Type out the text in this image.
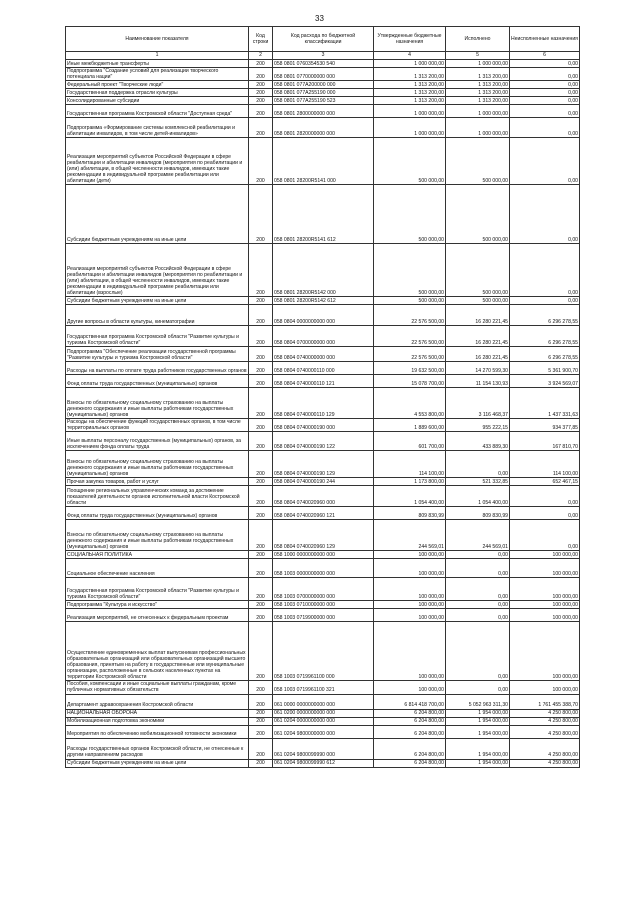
33
Наименование показателя	Код строки	Код расхода по бюджетной классификации	Утвержденные бюджетные назначения	Исполнено	Неисполненные назначения
1	2	3	4	5	6
Иные межбюджетные трансферты	200	058 0801 0760354530 540	1 000 000,00	1 000 000,00	0,00
Подпрограмма "Создание условий для реализации творческого потенциала нации"	200	058 0801 0770000000 000	1 313 200,00	1 313 200,00	0,00
Федеральный проект "Творческие люди"	200	058 0801 077A200000 000	1 313 200,00	1 313 200,00	0,00
Государственная поддержка отрасли культуры	200	058 0801 077A255190 000	1 313 200,00	1 313 200,00	0,00
Консолидированные субсидии	200	058 0801 077A255190 523	1 313 200,00	1 313 200,00	0,00
Государственная программа Костромской области "Доступная среда"	200	058 0801 2800000000 000	1 000 000,00	1 000 000,00	0,00
Подпрограмма «Формирование системы комплексной реабилитации и абилитации инвалидов, в том числе детей-инвалидов»	200	058 0801 2820000000 000	1 000 000,00	1 000 000,00	0,00
Реализация мероприятий субъектов Российской Федерации в сфере реабилитации и абилитации инвалидов (мероприятия по реабилитации и (или) абилитации, в общей численности инвалидов, имеющих такие рекомендации в индивидуальной программе реабилитации или абилитации (дети)	200	058 0801 28200R5141 000	500 000,00	500 000,00	0,00
Субсидии бюджетным учреждениям на иные цели	200	058 0801 28200R5141 612	500 000,00	500 000,00	0,00
Реализация мероприятий субъектов Российской Федерации в сфере реабилитации и абилитации инвалидов (мероприятия по реабилитации и (или) абилитации, в общей численности инвалидов, имеющих такие рекомендации в индивидуальной программе реабилитации или абилитации (взрослые)	200	058 0801 28200R5142 000	500 000,00	500 000,00	0,00
Субсидии бюджетным учреждениям на иные цели	200	058 0801 28200R5142 612	500 000,00	500 000,00	0,00
Другие вопросы в области культуры, кинематографии	200	058 0804 0000000000 000	22 576 500,00	16 280 221,45	6 296 278,55
Государственная программа Костромской области "Развитие культуры и туризма Костромской области"	200	058 0804 0700000000 000	22 576 500,00	16 280 221,45	6 296 278,55
Подпрограмма "Обеспечение реализации государственной программы "Развитие культуры и туризма Костромской области"	200	058 0804 0740000000 000	22 576 500,00	16 280 221,45	6 296 278,55
Расходы на выплаты по оплате труда работников государственных органов	200	058 0804 0740000110 000	19 632 500,00	14 270 599,30	5 361 900,70
Фонд оплаты труда государственных (муниципальных) органов	200	058 0804 0740000110 121	15 078 700,00	11 154 130,93	3 924 569,07
Взносы по обязательному социальному страхованию на выплаты денежного содержания и иные выплаты работникам государственных (муниципальных) органов	200	058 0804 0740000110 129	4 553 800,00	3 116 468,37	1 437 331,63
Расходы на обеспечение функций государственных органов, в том числе территориальных органов	200	058 0804 0740000190 000	1 889 600,00	955 222,15	934 377,85
Иные выплаты персоналу государственных (муниципальных) органов, за исключением фонда оплаты труда	200	058 0804 0740000190 122	601 700,00	433 889,30	167 810,70
Взносы по обязательному социальному страхованию на выплаты денежного содержания и иные выплаты работникам государственных (муниципальных) органов	200	058 0804 0740000190 129	114 100,00	0,00	114 100,00
Прочая закупка товаров, работ и услуг	200	058 0804 0740000190 244	1 173 800,00	521 332,85	652 467,15
Поощрение региональных управленческих команд за достижение показателей деятельности органов исполнительной власти Костромской области	200	058 0804 0740020960 000	1 054 400,00	1 054 400,00	0,00
Фонд оплаты труда государственных (муниципальных) органов	200	058 0804 0740020960 121	809 830,99	809 830,99	0,00
Взносы по обязательному социальному страхованию на выплаты денежного содержания и иные выплаты работникам государственных (муниципальных) органов	200	058 0804 0740020960 129	244 569,01	244 569,01	0,00
СОЦИАЛЬНАЯ ПОЛИТИКА	200	058 1000 0000000000 000	100 000,00	0,00	100 000,00
Социальное обеспечение населения	200	058 1003 0000000000 000	100 000,00	0,00	100 000,00
Государственная программа Костромской области "Развитие культуры и туризма Костромской области"	200	058 1003 0700000000 000	100 000,00	0,00	100 000,00
Подпрограмма "Культура и искусство"	200	058 1003 0710000000 000	100 000,00	0,00	100 000,00
Реализация мероприятий, не отнесенных к федеральным проектам	200	058 1003 0719900000 000	100 000,00	0,00	100 000,00
Осуществление единовременных выплат выпускникам профессиональных образовательных организаций или образовательных организаций высшего образования, принятым на работу в государственные или муниципальные организации, расположенные в сельских населенных пунктах на территории Костромской области	200	058 1003 0719961100 000	100 000,00	0,00	100 000,00
Пособия, компенсации и иные социальные выплаты гражданам, кроме публичных нормативных обязательств	200	058 1003 0719961100 321	100 000,00	0,00	100 000,00
Департамент здравоохранения Костромской области	200	061 0000 0000000000 000	6 814 418 700,00	5 052 963 311,30	1 761 455 388,70
НАЦИОНАЛЬНАЯ ОБОРОНА	200	061 0200 0000000000 000	6 204 800,00	1 954 000,00	4 250 800,00
Мобилизационная подготовка экономики	200	061 0204 0000000000 000	6 204 800,00	1 954 000,00	4 250 800,00
Мероприятия по обеспечению мобилизационной готовности экономики	200	061 0204 9800000000 000	6 204 800,00	1 954 000,00	4 250 800,00
Расходы государственных органов Костромской области, не отнесенные к другим направлениям расходов	200	061 0204 9800099990 000	6 204 800,00	1 954 000,00	4 250 800,00
Субсидии бюджетным учреждениям на иные цели	200	061 0204 9800099990 612	6 204 800,00	1 954 000,00	4 250 800,00
